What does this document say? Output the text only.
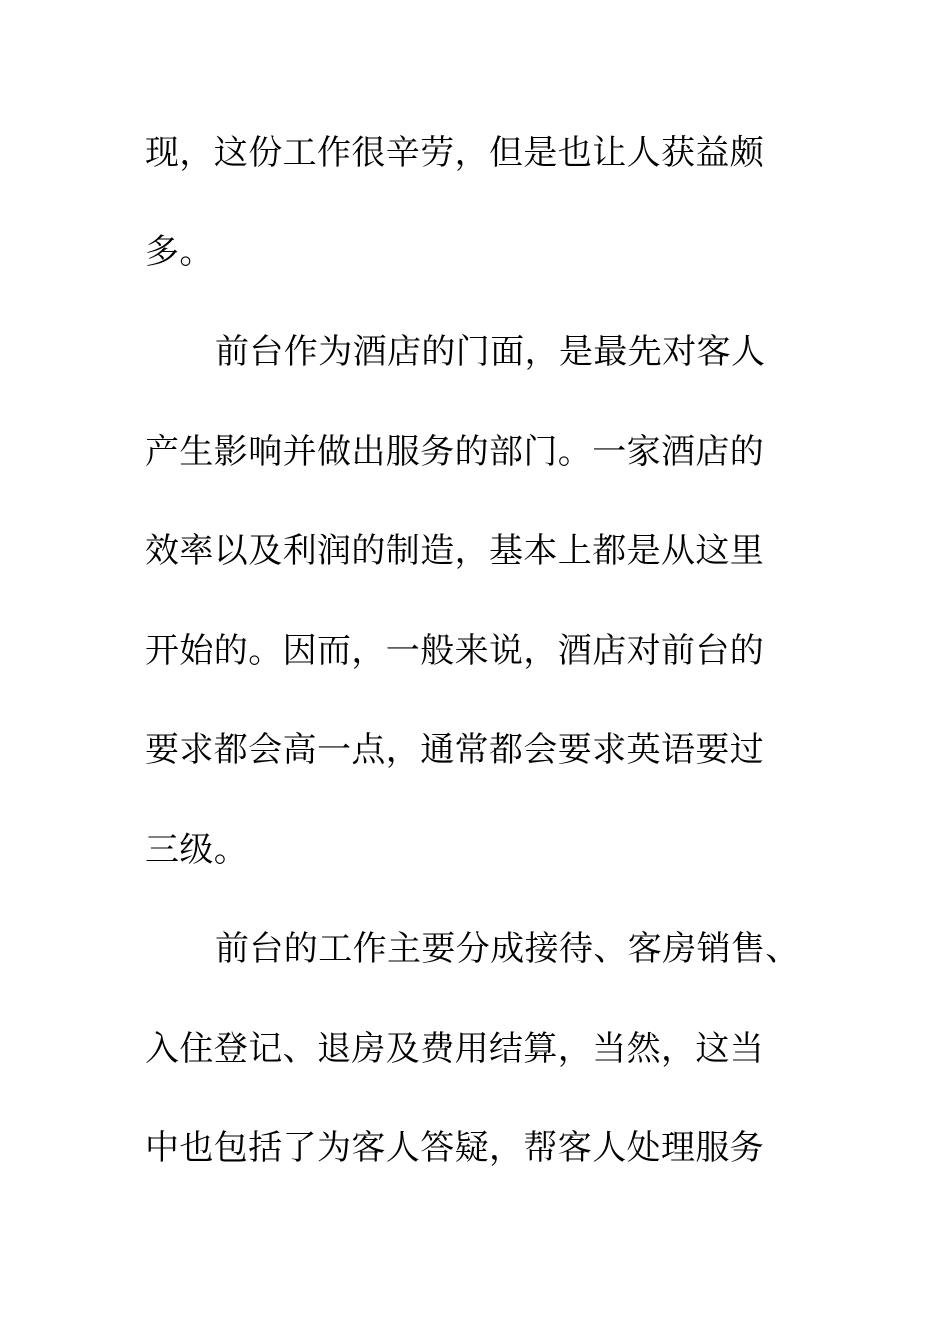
现，这份工作很辛劳，但是也让人获益颇
多。
前台作为酒店的门面，是最先对客人
产生影响并做出服务的部门。一家酒店的
效率以及利润的制造，基本上都是从这里
开始的。因而，一般来说，酒店对前台的
要求都会高一点，通常都会要求英语要过
三级。
前台的工作主要分成接待、客房销售、
入住登记、退房及费用结算，当然，这当
中也包括了为客人答疑，帮客人处理服务
